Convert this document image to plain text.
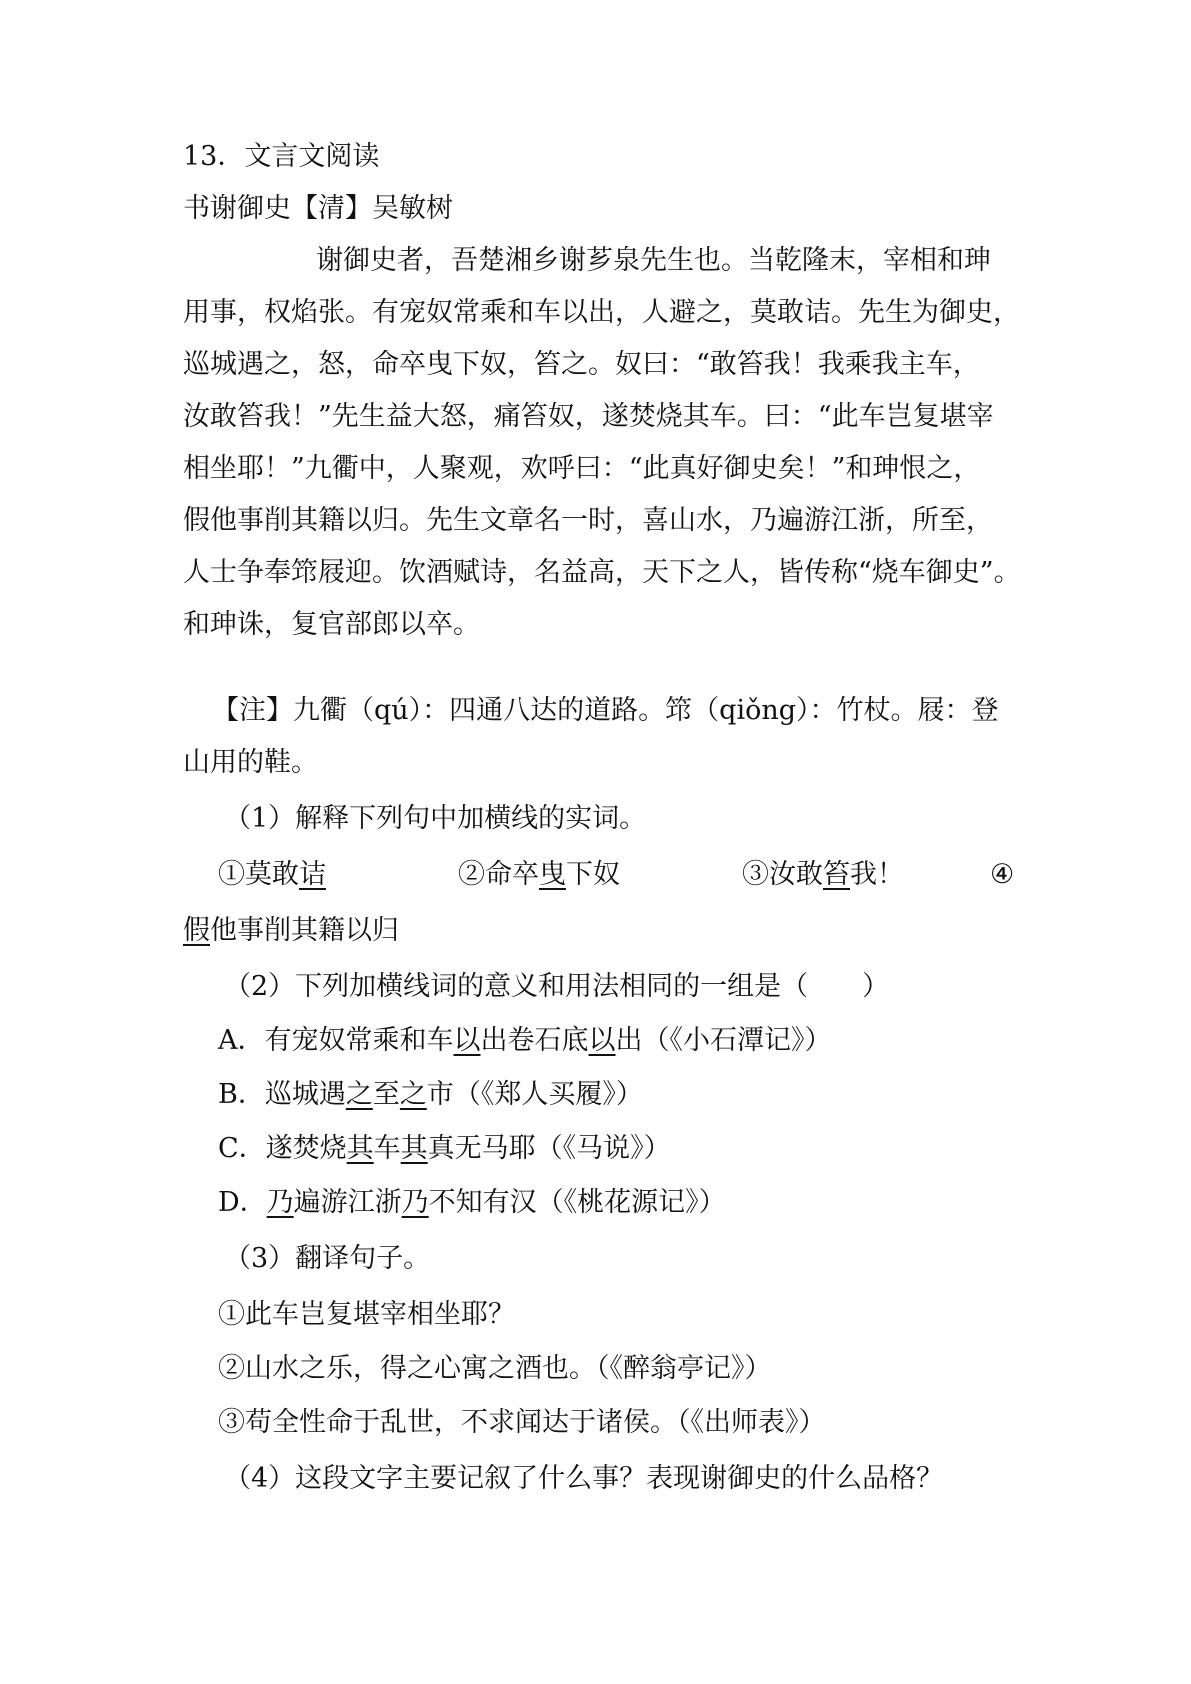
13．文言文阅读
书谢御史【清】吴敏树
谢御史者，吾楚湘乡谢芗泉先生也。当乾隆末，宰相和珅
用事，权焰张。有宠奴常乘和车以出，人避之，莫敢诘。先生为御史，
巡城遇之，怒，命卒曳下奴，笞之。奴曰：“敢笞我！我乘我主车，
汝敢笞我！”先生益大怒，痛笞奴，遂焚烧其车。曰：“此车岂复堪宰
相坐耶！”九衢中，人聚观，欢呼曰：“此真好御史矣！”和珅恨之，
假他事削其籍以归。先生文章名一时，喜山水，乃遍游江浙，所至，
人士争奉筇屐迎。饮酒赋诗，名益高，天下之人，皆传称“烧车御史”。
和珅诛，复官部郎以卒。
【注】九衢（qú）：四通八达的道路。筇（qiǒng）：竹杖。屐：登
山用的鞋。
（1）解释下列句中加横线的实词。
①莫敢诘	②命卒曳下奴	③汝敢笞我！	④
假他事削其籍以归
（2）下列加横线词的意义和用法相同的一组是（　　）
A．有宠奴常乘和车以出卷石底以出（《小石潭记》）
B．巡城遇之至之市（《郑人买履》）
C．遂焚烧其车其真无马耶（《马说》）
D．乃遍游江浙乃不知有汉（《桃花源记》）
（3）翻译句子。
①此车岂复堪宰相坐耶？
②山水之乐，得之心寓之酒也。（《醉翁亭记》）
③苟全性命于乱世，不求闻达于诸侯。（《出师表》）
（4）这段文字主要记叙了什么事？表现谢御史的什么品格？
